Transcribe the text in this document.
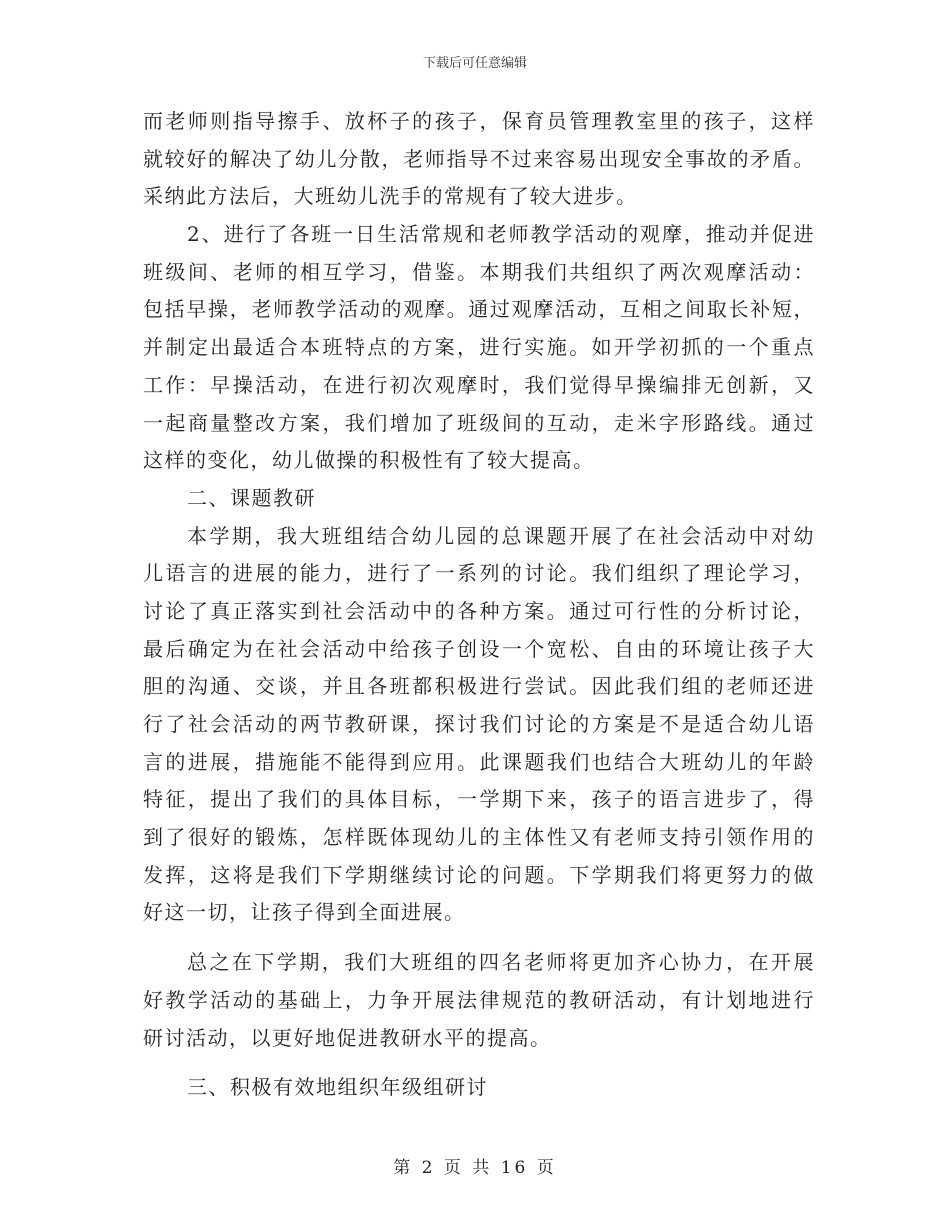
下载后可任意编辑
而老师则指导擦手、放杯子的孩子，保育员管理教室里的孩子，这样
就较好的解决了幼儿分散，老师指导不过来容易出现安全事故的矛盾。
采纳此方法后，大班幼儿洗手的常规有了较大进步。
2、进行了各班一日生活常规和老师教学活动的观摩，推动并促进
班级间、老师的相互学习，借鉴。本期我们共组织了两次观摩活动：
包括早操，老师教学活动的观摩。通过观摩活动，互相之间取长补短，
并制定出最适合本班特点的方案，进行实施。如开学初抓的一个重点
工作：早操活动，在进行初次观摩时，我们觉得早操编排无创新，又
一起商量整改方案，我们增加了班级间的互动，走米字形路线。通过
这样的变化，幼儿做操的积极性有了较大提高。
二、课题教研
本学期，我大班组结合幼儿园的总课题开展了在社会活动中对幼
儿语言的进展的能力，进行了一系列的讨论。我们组织了理论学习，
讨论了真正落实到社会活动中的各种方案。通过可行性的分析讨论，
最后确定为在社会活动中给孩子创设一个宽松、自由的环境让孩子大
胆的沟通、交谈，并且各班都积极进行尝试。因此我们组的老师还进
行了社会活动的两节教研课，探讨我们讨论的方案是不是适合幼儿语
言的进展，措施能不能得到应用。此课题我们也结合大班幼儿的年龄
特征，提出了我们的具体目标，一学期下来，孩子的语言进步了，得
到了很好的锻炼，怎样既体现幼儿的主体性又有老师支持引领作用的
发挥，这将是我们下学期继续讨论的问题。下学期我们将更努力的做
好这一切，让孩子得到全面进展。
总之在下学期，我们大班组的四名老师将更加齐心协力，在开展
好教学活动的基础上，力争开展法律规范的教研活动，有计划地进行
研讨活动，以更好地促进教研水平的提高。
三、积极有效地组织年级组研讨
第 2 页 共 16 页
